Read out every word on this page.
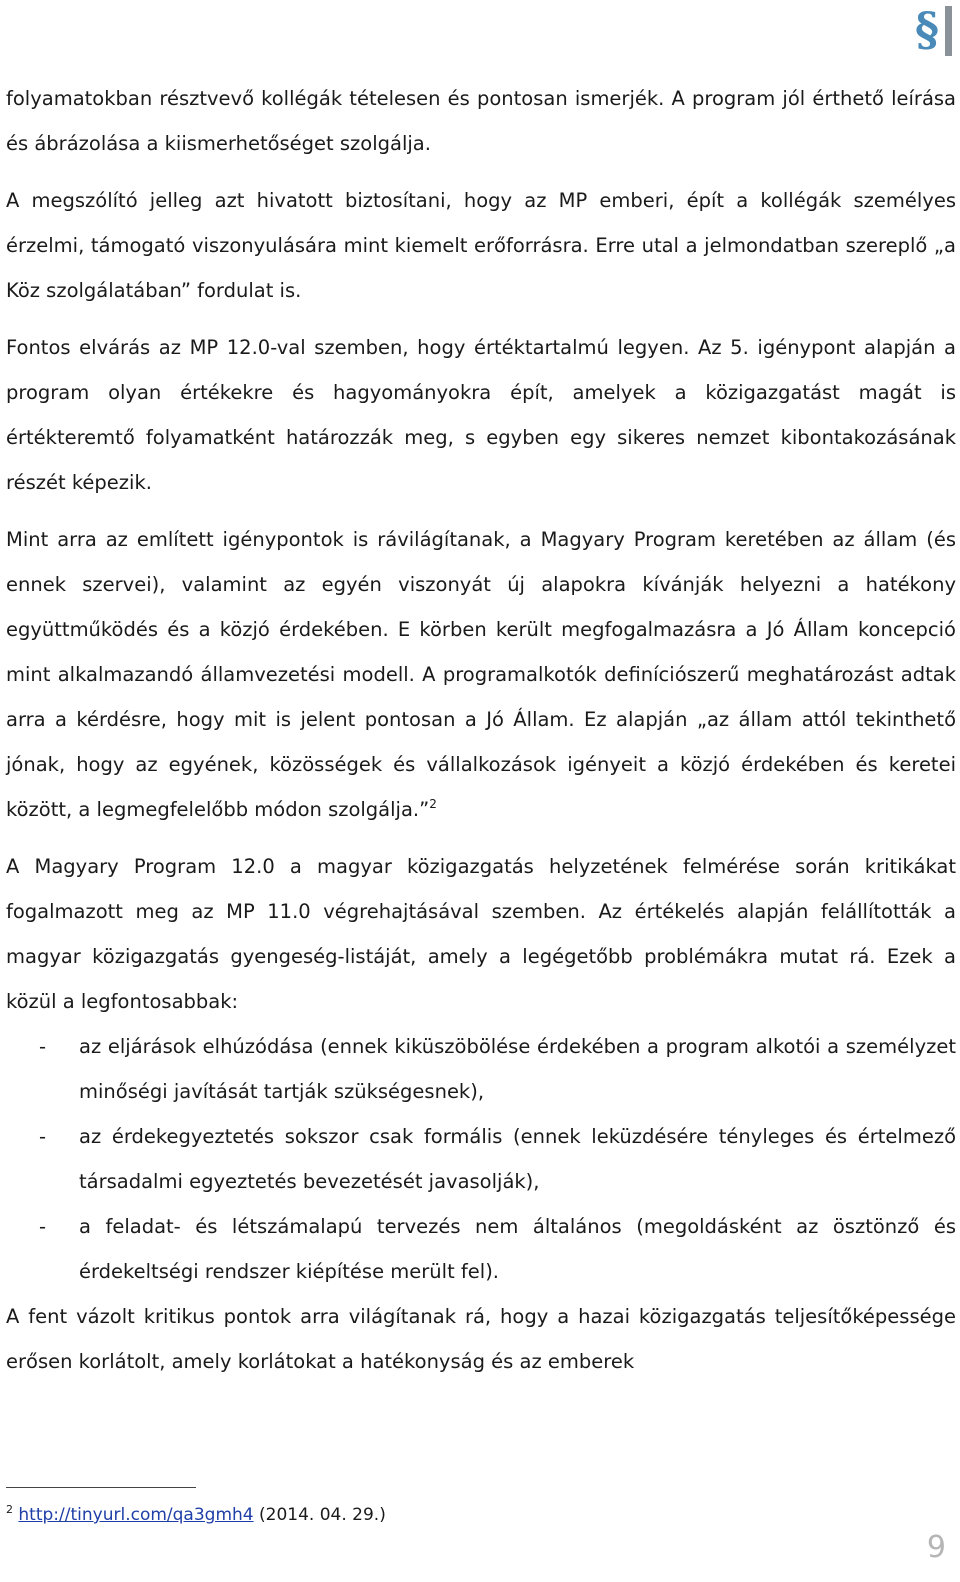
§

folyamatokban résztvevő kollégák tételesen és pontosan ismerjék. A program jól érthető leírása és ábrázolása a kiismerhetőséget szolgálja.

A megszólító jelleg azt hivatott biztosítani, hogy az MP emberi, épít a kollégák személyes érzelmi, támogató viszonyulására mint kiemelt erőforrásra. Erre utal a jelmondatban szereplő „a Köz szolgálatában” fordulat is.

Fontos elvárás az MP 12.0-val szemben, hogy értéktartalmú legyen. Az 5. igénypont alapján a program olyan értékekre és hagyományokra épít, amelyek a közigazgatást magát is értékteremtő folyamatként határozzák meg, s egyben egy sikeres nemzet kibontakozásának részét képezik.

Mint arra az említett igénypontok is rávilágítanak, a Magyary Program keretében az állam (és ennek szervei), valamint az egyén viszonyát új alapokra kívánják helyezni a hatékony együttműködés és a közjó érdekében. E körben került megfogalmazásra a Jó Állam koncepció mint alkalmazandó államvezetési modell. A programalkotók definíciószerű meghatározást adtak arra a kérdésre, hogy mit is jelent pontosan a Jó Állam. Ez alapján „az állam attól tekinthető jónak, hogy az egyének, közösségek és vállalkozások igényeit a közjó érdekében és keretei között, a legmegfelelőbb módon szolgálja.”$^2$

A Magyary Program 12.0 a magyar közigazgatás helyzetének felmérése során kritikákat fogalmazott meg az MP 11.0 végrehajtásával szemben. Az értékelés alapján felállították a magyar közigazgatás gyengeség-listáját, amely a legégetőbb problémákra mutat rá. Ezek a közül a legfontosabbak:

- az eljárások elhúzódása (ennek kiküszöbölése érdekében a program alkotói a személyzet minőségi javítását tartják szükségesnek),
- az érdekegyeztetés sokszor csak formális (ennek leküzdésére tényleges és értelmező társadalmi egyeztetés bevezetését javasolják),
- a feladat- és létszámalapú tervezés nem általános (megoldásként az ösztönző és érdekeltségi rendszer kiépítése merült fel).

A fent vázolt kritikus pontok arra világítanak rá, hogy a hazai közigazgatás teljesítőképessége erősen korlátolt, amely korlátokat a hatékonyság és az emberek

$^2$ http://tinyurl.com/qa3gmh4 (2014. 04. 29.)
9
